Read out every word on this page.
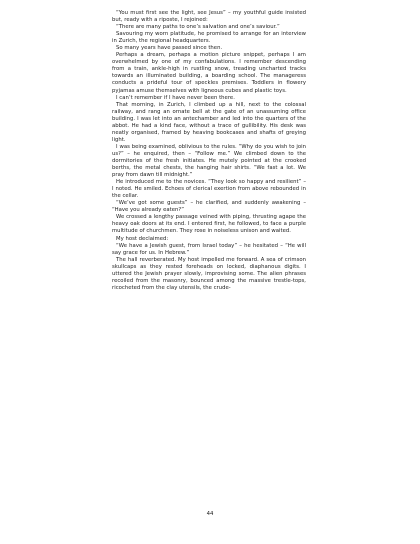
“You must first see the light, see Jesus” – my youthful guide insisted but, ready with a riposte, I rejoined:

“There are many paths to one’s salvation and one’s saviour.”

Savouring my worn platitude, he promised to arrange for an interview in Zurich, the regional headquarters.

So many years have passed since then.

Perhaps a dream, perhaps a motion picture snippet, perhaps I am overwhelmed by one of my confabulations. I remember descending from a train, ankle-high in rustling snow, treading uncharted tracks towards an illuminated building, a boarding school. The manageress conducts a prideful tour of speckles premises. Toddlers in flowery pyjamas amuse themselves with ligneous cubes and plastic toys.

I can’t remember if I have never been there.

That morning, in Zurich, I climbed up a hill, next to the colossal railway, and rang an ornate bell at the gate of an unassuming office building. I was let into an antechamber and led into the quarters of the abbot. He had a kind face, without a trace of gullibility. His desk was neatly organised, framed by heaving bookcases and shafts of greying light.

I was being examined, oblivious to the rules. “Why do you wish to join us?” – he enquired, then – “Follow me.” We climbed down to the dormitories of the fresh initiates. He mutely pointed at the crooked berths, the metal chests, the hanging hair shirts. “We fast a lot. We pray from dawn till midnight.”

He introduced me to the novices. “They look so happy and resilient” – I noted. He smiled. Echoes of clerical exertion from above rebounded in the cellar.

“We’ve got some guests” – he clarified, and suddenly awakening – “Have you already eaten?”

We crossed a lengthy passage veined with piping, thrusting agape the heavy oak doors at its end. I entered first, he followed, to face a purple multitude of churchmen. They rose in noiseless unison and waited.

My host declaimed:

“We have a Jewish guest, from Israel today” – he hesitated – “He will say grace for us. In Hebrew.”

The hall reverberated. My host impelled me forward. A sea of crimson skullcaps as they rested foreheads on locked, diaphanous digits. I uttered the Jewish prayer slowly, improvising some. The alien phrases recoiled from the masonry, bounced among the massive trestle-tops, ricocheted from the clay utensils, the crude-

44
